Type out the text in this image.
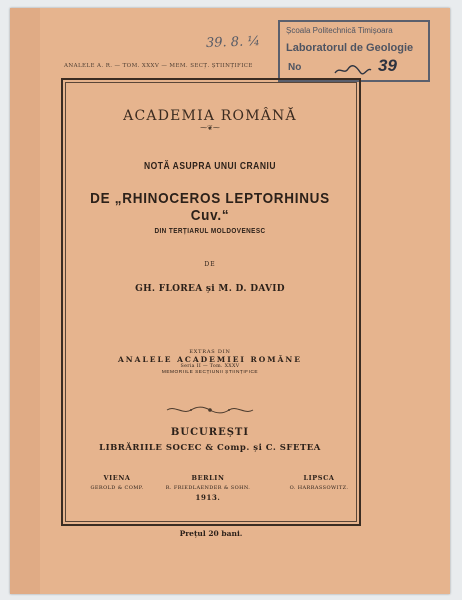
ANALELE A. R. — TOM. XXXV — MEM. SECȚ. ȘTIINȚIFICE
39. 8. ¼
Școala Politechnică Timișoara
Laboratorul de Geologie
No	39
ACADEMIA ROMÂNĂ
⁓❦⁓
NOTĂ ASUPRA UNUI CRANIU
DE „RHINOCEROS LEPTORHINUS Cuv.“
DIN TERȚIARUL MOLDOVENESC
DE
GH. FLOREA și M. D. DAVID
EXTRAS DIN
ANALELE ACADEMIEI ROMÂNE
Seria II — Tom. XXXV
MEMORIILE SECȚIUNII ȘTIINȚIFICE
BUCUREȘTI
LIBRĂRIILE SOCEC & Comp. și C. SFETEA
VIENA
GEROLD & COMP.
BERLIN
R. FRIEDLAENDER & SOHN.
1913.
LIPSCA
O. HARRASSOWITZ.
Prețul 20 bani.
